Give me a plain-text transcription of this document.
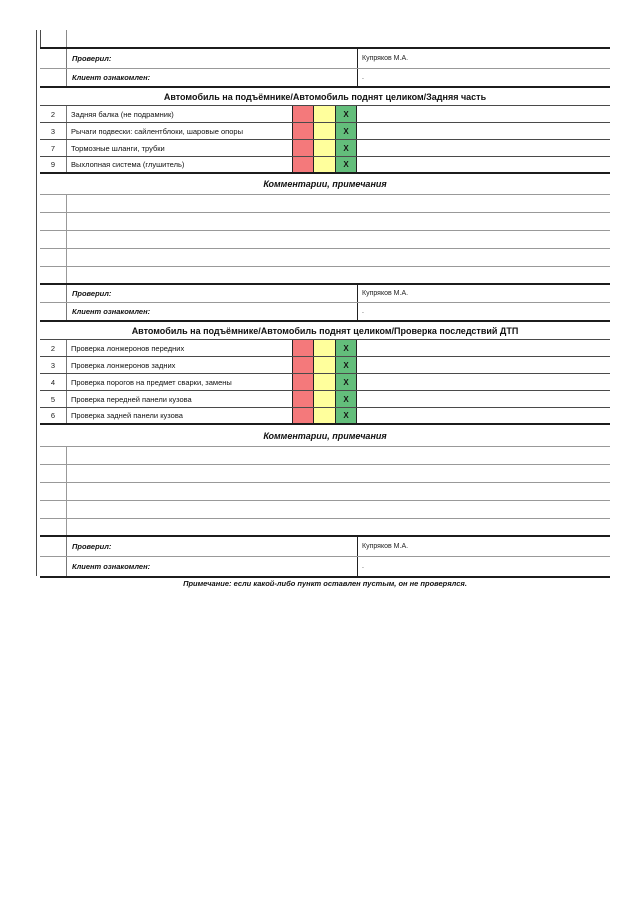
Проверил:	Купряков М.А.
Клиент ознакомлен:	.
Автомобиль на подъёмнике/Автомобиль поднят целиком/Задняя часть
2	Задняя балка (не подрамник)	X
3	Рычаги подвески: сайлентблоки, шаровые опоры	X
7	Тормозные шланги, трубки	X
9	Выхлопная система (глушитель)	X
Комментарии, примечания
Проверил:	Купряков М.А.
Клиент ознакомлен:	.
Автомобиль на подъёмнике/Автомобиль поднят целиком/Проверка последствий ДТП
2	Проверка лонжеронов передних	X
3	Проверка лонжеронов задних	X
4	Проверка порогов на предмет сварки, замены	X
5	Проверка передней панели кузова	X
6	Проверка задней панели кузова	X
Комментарии, примечания
Проверил:	Купряков М.А.
Клиент ознакомлен:	.
Примечание: если какой-либо пункт оставлен пустым, он не проверялся.
